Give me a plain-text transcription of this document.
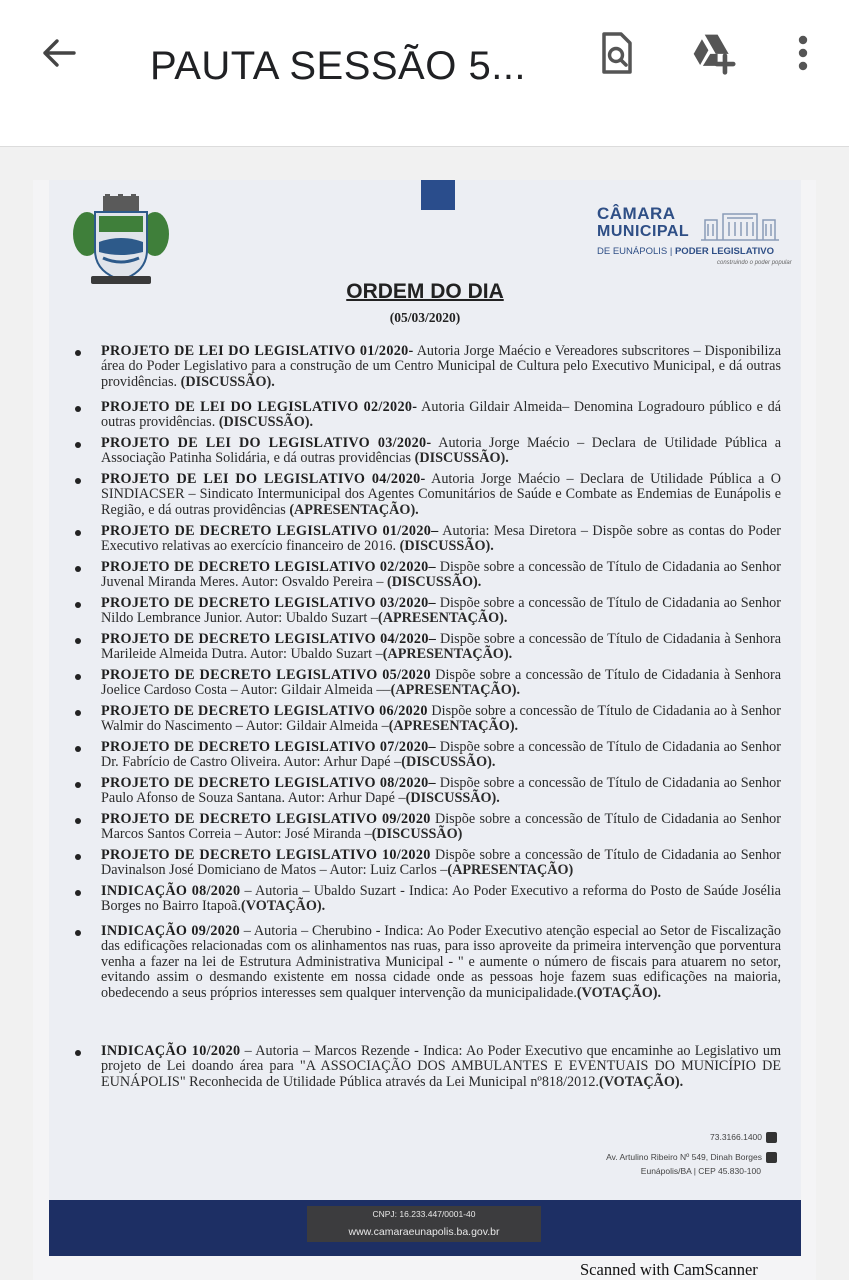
PAUTA SESSÃO 5...
CÂMARA
MUNICIPAL
DE EUNÁPOLIS | PODER LEGISLATIVO
construindo o poder popular
ORDEM DO DIA
(05/03/2020)
PROJETO DE LEI DO LEGISLATIVO 01/2020- Autoria Jorge Maécio e Vereadores subscritores – Disponibiliza área do Poder Legislativo para a construção de um Centro Municipal de Cultura pelo Executivo Municipal, e dá outras providências. (DISCUSSÃO).
PROJETO DE LEI DO LEGISLATIVO 02/2020- Autoria Gildair Almeida– Denomina Logradouro público e dá outras providências. (DISCUSSÃO).
PROJETO DE LEI DO LEGISLATIVO 03/2020- Autoria Jorge Maécio – Declara de Utilidade Pública a Associação Patinha Solidária, e dá outras providências (DISCUSSÃO).
PROJETO DE LEI DO LEGISLATIVO 04/2020- Autoria Jorge Maécio – Declara de Utilidade Pública a O SINDIACSER – Sindicato Intermunicipal dos Agentes Comunitários de Saúde e Combate as Endemias de Eunápolis e Região, e dá outras providências (APRESENTAÇÃO).
PROJETO DE DECRETO LEGISLATIVO 01/2020– Autoria: Mesa Diretora – Dispõe sobre as contas do Poder Executivo relativas ao exercício financeiro de 2016. (DISCUSSÃO).
PROJETO DE DECRETO LEGISLATIVO 02/2020– Dispõe sobre a concessão de Título de Cidadania ao Senhor Juvenal Miranda Meres. Autor: Osvaldo Pereira – (DISCUSSÃO).
PROJETO DE DECRETO LEGISLATIVO 03/2020– Dispõe sobre a concessão de Título de Cidadania ao Senhor Nildo Lembrance Junior. Autor: Ubaldo Suzart –(APRESENTAÇÃO).
PROJETO DE DECRETO LEGISLATIVO 04/2020– Dispõe sobre a concessão de Título de Cidadania à Senhora Marileide Almeida Dutra. Autor: Ubaldo Suzart –(APRESENTAÇÃO).
PROJETO DE DECRETO LEGISLATIVO 05/2020 Dispõe sobre a concessão de Título de Cidadania à Senhora Joelice Cardoso Costa – Autor: Gildair Almeida ––(APRESENTAÇÃO).
PROJETO DE DECRETO LEGISLATIVO 06/2020 Dispõe sobre a concessão de Título de Cidadania ao à Senhor Walmir do Nascimento – Autor: Gildair Almeida –(APRESENTAÇÃO).
PROJETO DE DECRETO LEGISLATIVO 07/2020– Dispõe sobre a concessão de Título de Cidadania ao Senhor Dr. Fabrício de Castro Oliveira. Autor: Arhur Dapé –(DISCUSSÃO).
PROJETO DE DECRETO LEGISLATIVO 08/2020– Dispõe sobre a concessão de Título de Cidadania ao Senhor Paulo Afonso de Souza Santana. Autor: Arhur Dapé –(DISCUSSÃO).
PROJETO DE DECRETO LEGISLATIVO 09/2020 Dispõe sobre a concessão de Título de Cidadania ao Senhor Marcos Santos Correia – Autor: José Miranda –(DISCUSSÃO)
PROJETO DE DECRETO LEGISLATIVO 10/2020 Dispõe sobre a concessão de Título de Cidadania ao Senhor Davinalson José Domiciano de Matos – Autor: Luiz Carlos –(APRESENTAÇÃO)
INDICAÇÃO 08/2020 – Autoria – Ubaldo Suzart - Indica: Ao Poder Executivo a reforma do Posto de Saúde Josélia Borges no Bairro Itapoã.(VOTAÇÃO).
INDICAÇÃO 09/2020 – Autoria – Cherubino - Indica: Ao Poder Executivo atenção especial ao Setor de Fiscalização das edificações relacionadas com os alinhamentos nas ruas, para isso aproveite da primeira intervenção que porventura venha a fazer na lei de Estrutura Administrativa Municipal - " e aumente o número de fiscais para atuarem no setor, evitando assim o desmando existente em nossa cidade onde as pessoas hoje fazem suas edificações na maioria, obedecendo a seus próprios interesses sem qualquer intervenção da municipalidade.(VOTAÇÃO).
INDICAÇÃO 10/2020 – Autoria – Marcos Rezende - Indica: Ao Poder Executivo que encaminhe ao Legislativo um projeto de Lei doando área para "A ASSOCIAÇÃO DOS AMBULANTES E EVENTUAIS DO MUNICÍPIO DE EUNÁPOLIS" Reconhecida de Utilidade Pública através da Lei Municipal nº818/2012.(VOTAÇÃO).
73.3166.1400
Av. Artulino Ribeiro Nº 549, Dinah Borges
Eunápolis/BA | CEP 45.830-100
CNPJ: 16.233.447/0001-40
www.camaraeunapolis.ba.gov.br
Scanned with CamScanner
